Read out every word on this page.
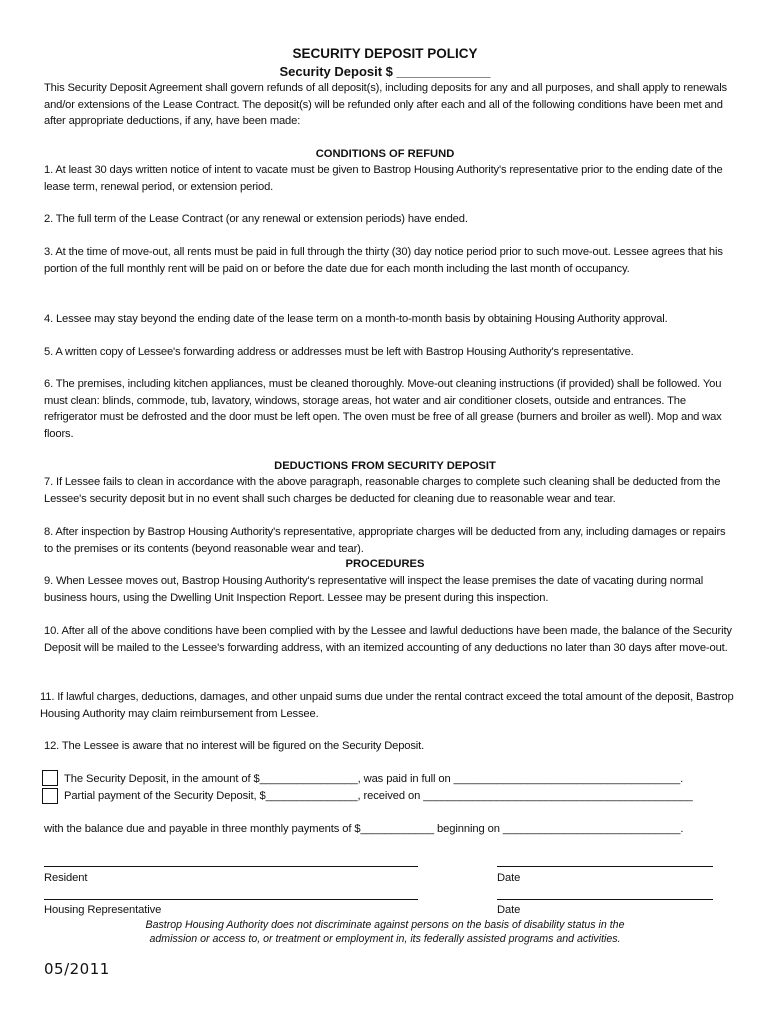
SECURITY DEPOSIT POLICY
Security Deposit $ _____________
This Security Deposit Agreement shall govern refunds of all deposit(s), including deposits for any and all purposes, and shall apply to renewals and/or extensions of the Lease Contract. The deposit(s) will be refunded only after each and all of the following conditions have been met and after appropriate deductions, if any, have been made:
CONDITIONS OF REFUND
1. At least 30 days written notice of intent to vacate must be given to Bastrop Housing Authority's representative prior to the ending date of the lease term, renewal period, or extension period.
2. The full term of the Lease Contract (or any renewal or extension periods) have ended.
3. At the time of move-out, all rents must be paid in full through the thirty (30) day notice period prior to such move-out. Lessee agrees that his portion of the full monthly rent will be paid on or before the date due for each month including the last month of occupancy.
4. Lessee may stay beyond the ending date of the lease term on a month-to-month basis by obtaining Housing Authority approval.
5. A written copy of Lessee's forwarding address or addresses must be left with Bastrop Housing Authority's representative.
6. The premises, including kitchen appliances, must be cleaned thoroughly. Move-out cleaning instructions (if provided) shall be followed. You must clean: blinds, commode, tub, lavatory, windows, storage areas, hot water and air conditioner closets, outside and entrances. The refrigerator must be defrosted and the door must be left open. The oven must be free of all grease (burners and broiler as well). Mop and wax floors.
DEDUCTIONS FROM SECURITY DEPOSIT
7. If Lessee fails to clean in accordance with the above paragraph, reasonable charges to complete such cleaning shall be deducted from the Lessee's security deposit but in no event shall such charges be deducted for cleaning due to reasonable wear and tear.
8. After inspection by Bastrop Housing Authority's representative, appropriate charges will be deducted from any, including damages or repairs to the premises or its contents (beyond reasonable wear and tear).
PROCEDURES
9. When Lessee moves out, Bastrop Housing Authority's representative will inspect the lease premises the date of vacating during normal business hours, using the Dwelling Unit Inspection Report. Lessee may be present during this inspection.
10. After all of the above conditions have been complied with by the Lessee and lawful deductions have been made, the balance of the Security Deposit will be mailed to the Lessee's forwarding address, with an itemized accounting of any deductions no later than 30 days after move-out.
11. If lawful charges, deductions, damages, and other unpaid sums due under the rental contract exceed the total amount of the deposit, Bastrop Housing Authority may claim reimbursement from Lessee.
12. The Lessee is aware that no interest will be figured on the Security Deposit.
The Security Deposit, in the amount of $________________, was paid in full on _____________________________________.
Partial payment of the Security Deposit, $_______________, received on ____________________________________________
with the balance due and payable in three monthly payments of $____________ beginning on _____________________________.
Resident	Date
Housing Representative	Date
Bastrop Housing Authority does not discriminate against persons on the basis of disability status in the
admission or access to, or treatment or employment in, its federally assisted programs and activities.
05/2011
